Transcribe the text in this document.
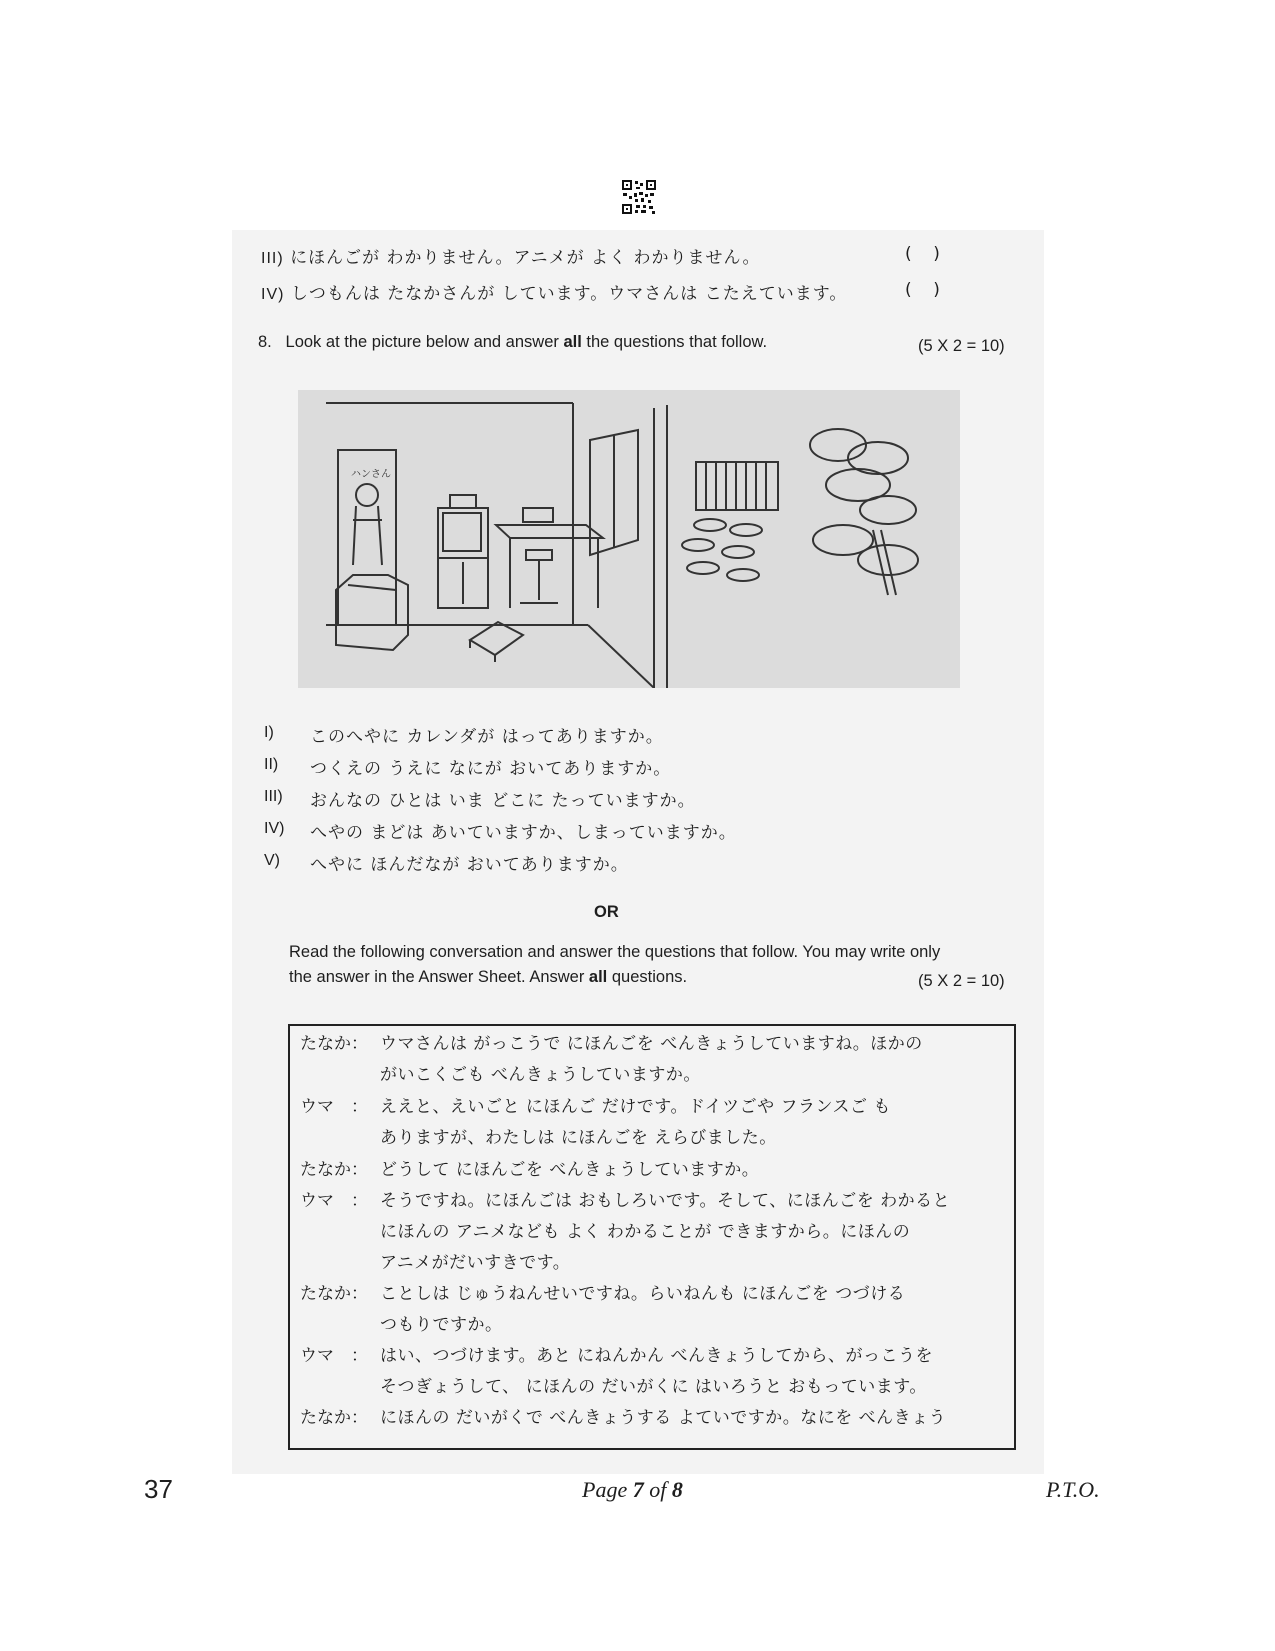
III) にほんごが わかりません。アニメが よく わかりません。	(    )
IV) しつもんは たなかさんが しています。ウマさんは こたえています。	(    )
8. Look at the picture below and answer all the questions that follow.	(5 X 2 = 10)
ハンさん
I) このへやに カレンダが はってありますか。
II) つくえの うえに なにが おいてありますか。
III) おんなの ひとは いま どこに たっていますか。
IV) へやの まどは あいていますか、しまっていますか。
V) へやに ほんだなが おいてありますか。
OR
Read the following conversation and answer the questions that follow. You may write only
the answer in the Answer Sheet. Answer all questions.	(5 X 2 = 10)
たなか： ウマさんは がっこうで にほんごを べんきょうしていますね。ほかの
がいこくごも べんきょうしていますか。
ウマ　： ええと、えいごと にほんご だけです。ドイツごや フランスご も
ありますが、わたしは にほんごを えらびました。
たなか： どうして にほんごを べんきょうしていますか。
ウマ　： そうですね。にほんごは おもしろいです。そして、にほんごを わかると
にほんの アニメなども よく わかることが できますから。にほんの
アニメがだいすきです。
たなか： ことしは じゅうねんせいですね。らいねんも にほんごを つづける
つもりですか。
ウマ　： はい、つづけます。あと にねんかん べんきょうしてから、がっこうを
そつぎょうして、 にほんの だいがくに はいろうと おもっています。
たなか： にほんの だいがくで べんきょうする よていですか。なにを べんきょう
37	Page 7 of 8	P.T.O.
